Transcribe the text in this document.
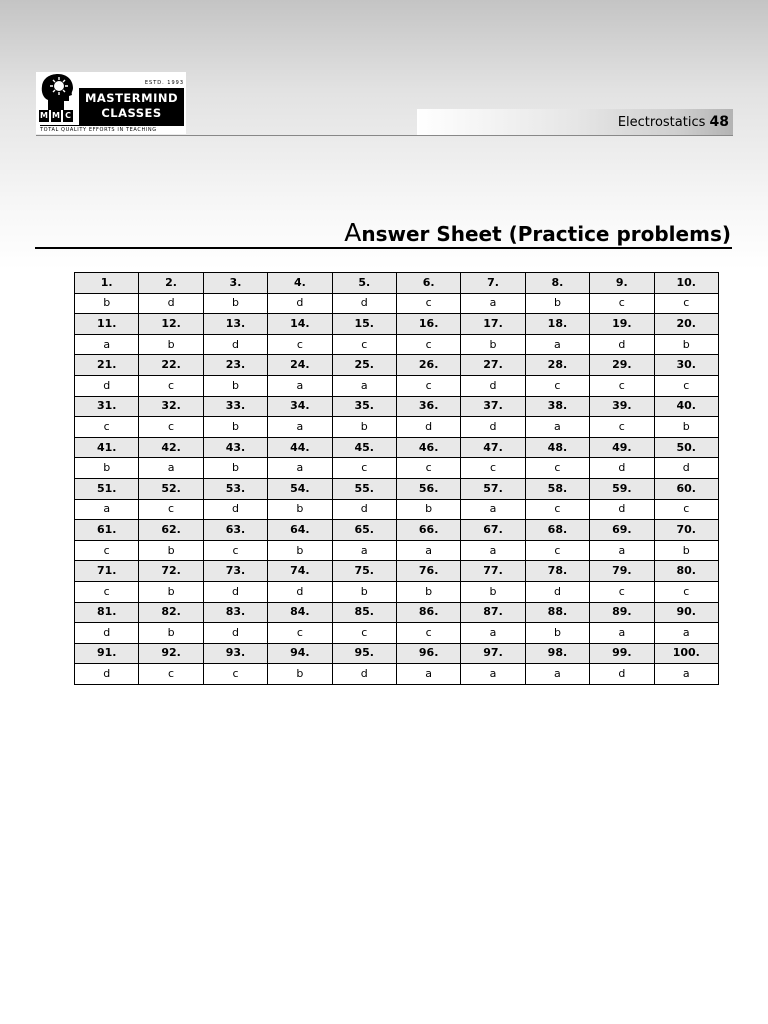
ESTD. 1993
MASTERMIND
CLASSES
M M C
TOTAL QUALITY EFFORTS IN TEACHING	Electrostatics 48
Answer Sheet (Practice problems)
1.	2.	3.	4.	5.	6.	7.	8.	9.	10.
b	d	b	d	d	c	a	b	c	c
11.	12.	13.	14.	15.	16.	17.	18.	19.	20.
a	b	d	c	c	c	b	a	d	b
21.	22.	23.	24.	25.	26.	27.	28.	29.	30.
d	c	b	a	a	c	d	c	c	c
31.	32.	33.	34.	35.	36.	37.	38.	39.	40.
c	c	b	a	b	d	d	a	c	b
41.	42.	43.	44.	45.	46.	47.	48.	49.	50.
b	a	b	a	c	c	c	c	d	d
51.	52.	53.	54.	55.	56.	57.	58.	59.	60.
a	c	d	b	d	b	a	c	d	c
61.	62.	63.	64.	65.	66.	67.	68.	69.	70.
c	b	c	b	a	a	a	c	a	b
71.	72.	73.	74.	75.	76.	77.	78.	79.	80.
c	b	d	d	b	b	b	d	c	c
81.	82.	83.	84.	85.	86.	87.	88.	89.	90.
d	b	d	c	c	c	a	b	a	a
91.	92.	93.	94.	95.	96.	97.	98.	99.	100.
d	c	c	b	d	a	a	a	d	a
